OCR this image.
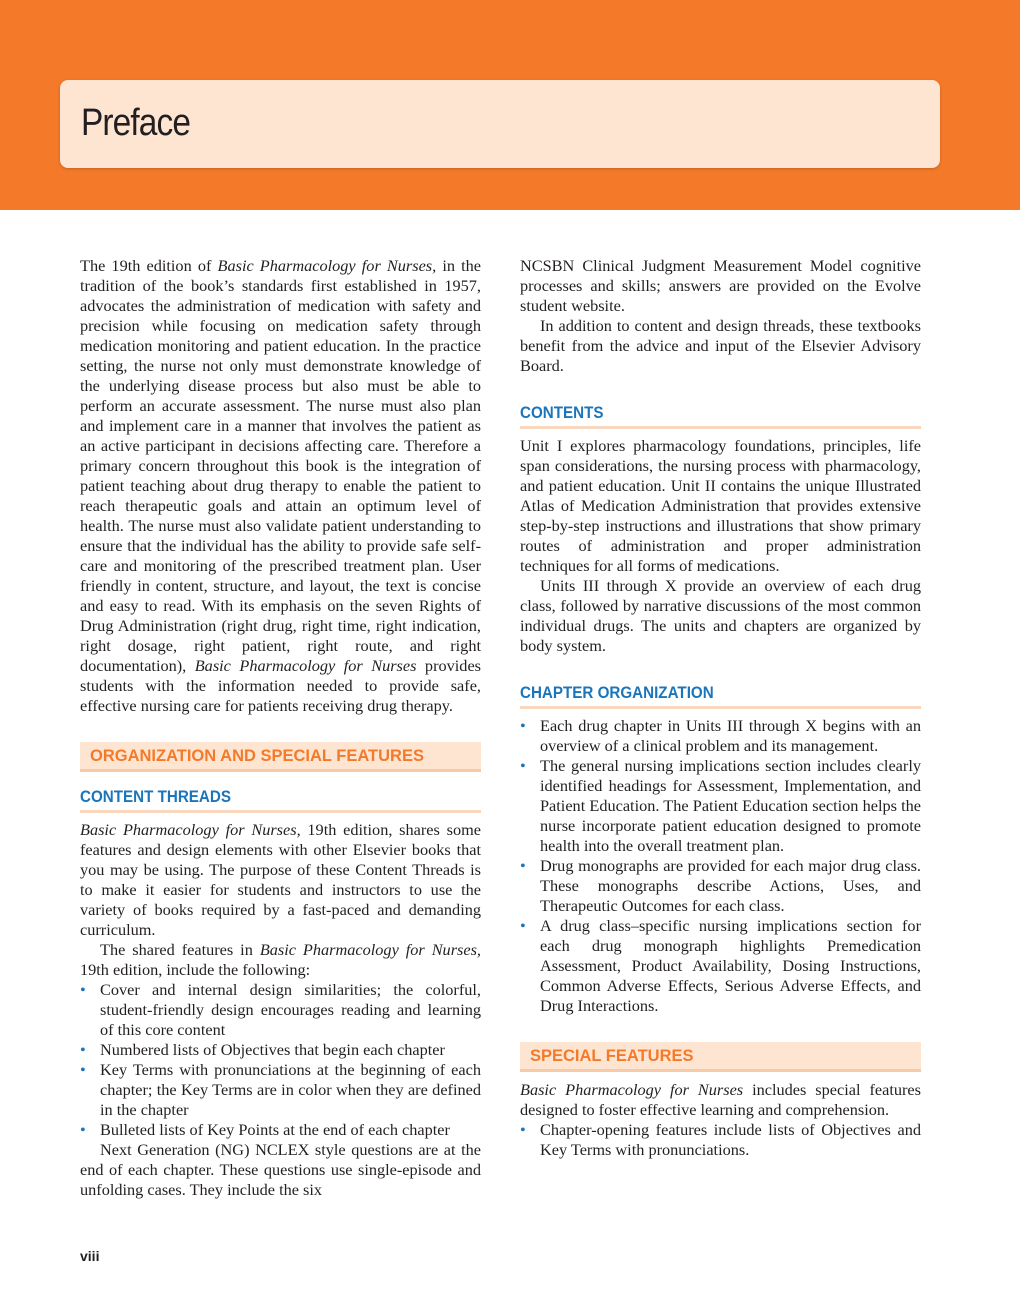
Preface

The 19th edition of Basic Pharmacology for Nurses, in the tradition of the book’s standards first established in 1957, advocates the administration of medication with safety and precision while focusing on medication safety through medication monitoring and patient education. In the practice setting, the nurse not only must demonstrate knowledge of the underlying disease process but also must be able to perform an accurate assessment. The nurse must also plan and implement care in a manner that involves the patient as an active participant in decisions affecting care. Therefore a primary concern throughout this book is the integration of patient teaching about drug therapy to enable the patient to reach therapeutic goals and attain an optimum level of health. The nurse must also validate patient understanding to ensure that the individual has the ability to provide safe self-care and monitoring of the prescribed treatment plan. User friendly in content, structure, and layout, the text is concise and easy to read. With its emphasis on the seven Rights of Drug Administration (right drug, right time, right indication, right dosage, right patient, right route, and right documentation), Basic Pharmacology for Nurses provides students with the information needed to provide safe, effective nursing care for patients receiving drug therapy.

ORGANIZATION AND SPECIAL FEATURES
CONTENT THREADS

Basic Pharmacology for Nurses, 19th edition, shares some features and design elements with other Elsevier books that you may be using. The purpose of these Content Threads is to make it easier for students and instructors to use the variety of books required by a fast-paced and demanding curriculum.

The shared features in Basic Pharmacology for Nurses, 19th edition, include the following:

• Cover and internal design similarities; the colorful, student-friendly design encourages reading and learning of this core content
• Numbered lists of Objectives that begin each chapter
• Key Terms with pronunciations at the beginning of each chapter; the Key Terms are in color when they are defined in the chapter
• Bulleted lists of Key Points at the end of each chapter

Next Generation (NG) NCLEX style questions are at the end of each chapter. These questions use single-episode and unfolding cases. They include the six

NCSBN Clinical Judgment Measurement Model cognitive processes and skills; answers are provided on the Evolve student website.

In addition to content and design threads, these textbooks benefit from the advice and input of the Elsevier Advisory Board.

CONTENTS

Unit I explores pharmacology foundations, principles, life span considerations, the nursing process with pharmacology, and patient education. Unit II contains the unique Illustrated Atlas of Medication Administration that provides extensive step-by-step instructions and illustrations that show primary routes of administration and proper administration techniques for all forms of medications.

Units III through X provide an overview of each drug class, followed by narrative discussions of the most common individual drugs. The units and chapters are organized by body system.

CHAPTER ORGANIZATION
• Each drug chapter in Units III through X begins with an overview of a clinical problem and its management.
• The general nursing implications section includes clearly identified headings for Assessment, Implementation, and Patient Education. The Patient Education section helps the nurse incorporate patient education designed to promote health into the overall treatment plan.
• Drug monographs are provided for each major drug class. These monographs describe Actions, Uses, and Therapeutic Outcomes for each class.
• A drug class–specific nursing implications section for each drug monograph highlights Premedication Assessment, Product Availability, Dosing Instructions, Common Adverse Effects, Serious Adverse Effects, and Drug Interactions.
SPECIAL FEATURES

Basic Pharmacology for Nurses includes special features designed to foster effective learning and comprehension.

• Chapter-opening features include lists of Objectives and Key Terms with pronunciations.
viii
